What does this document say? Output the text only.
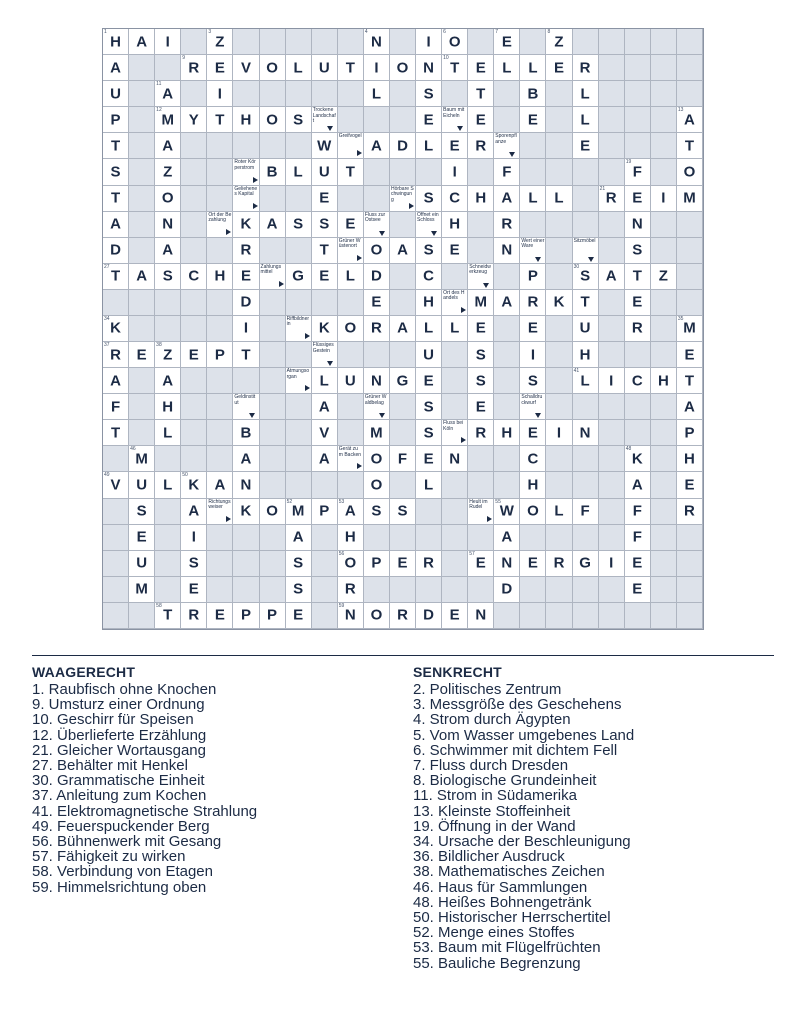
1
H	A	I
3
Z
4
N	I
6
O
7
E
8
Z
A
9
R	E	V	O	L	U	T	I	O N
10
T	E	L	L	E	R
U
11
A	I	L	S	T	B	L
P
12
M Y	T	H O	S
Trockene Landschaft	E
Baum mit Eicheln	E	E	L
13
A
T	A	W
Greifvogel
A	D	L	E	R
Sporenpflanze	E	T
S	Z
Roter Körperstrom B	L	U	T	I	F
19
F	O
T	O
Geliehenes Kapital	E
Hörbare Schwingung	S	C	H	A	L	L
21
R	E	I	M
A	N
Ort der Bezahlung K	A	S	S	E
Fluss zur Ostsee
Öffnet ein Schloss H	R	N
D	A	R	T
Grüner Wüstenort O A	S	E	N
Wert einer Ware
Sitzmöbel
S
27
T	A	S	C	H	E
Zahlungsmittel	G	E	L	D	C
Schneidwerkzeug	P
30
S	A	T	Z
D	E	H
Ort des Handels	M A	R	K	T	E
34
K	I
Riffbildnerin	K O R	A	L	L	E	E	U	R
35
M
37
R	E
38
Z	E	P	T
Flüssiges Gestein	U	S	I	H	E
A	A
Atmungsorgan	L	U	N G	E	S	S
41
L	I	C	H	T
F	H
Geldinstitut	A
Grüner Waldbelag	S	E
Schalldruckwurf	A
T	L	B	V	M	S
Fluss bei Köln	R	H	E	I	N	P
46
M	A	A
Gerät zum Backen O	F	E	N	C
48
K	H
49
V	U	L
50
K	A	N	O	L	H	A	E
S	A
Richtungsweiser	K O
52
M P
53
A	S	S
Heult im Rudel
55
W O	L	F	F	R
E	I	A	H	A	F
U	S	S
56
O	P	E	R
57
E	N	E	R G	I	E
M	E	S	R	D	E
58
T	R	E	P	P	E
59
N O R	D	E	N
WAAGERECHT
1. Raubfisch ohne Knochen
9. Umsturz einer Ordnung
10. Geschirr für Speisen
12. Überlieferte Erzählung
21. Gleicher Wortausgang
27. Behälter mit Henkel
30. Grammatische Einheit
37. Anleitung zum Kochen
41. Elektromagnetische Strahlung
49. Feuerspuckender Berg
56. Bühnenwerk mit Gesang
57. Fähigkeit zu wirken
58. Verbindung von Etagen
59. Himmelsrichtung oben
SENKRECHT
2. Politisches Zentrum
3. Messgröße des Geschehens
4. Strom durch Ägypten
5. Vom Wasser umgebenes Land
6. Schwimmer mit dichtem Fell
7. Fluss durch Dresden
8. Biologische Grundeinheit
11. Strom in Südamerika
13. Kleinste Stoffeinheit
19. Öffnung in der Wand
34. Ursache der Beschleunigung
36. Bildlicher Ausdruck
38. Mathematisches Zeichen
46. Haus für Sammlungen
48. Heißes Bohnengetränk
50. Historischer Herrschertitel
52. Menge eines Stoffes
53. Baum mit Flügelfrüchten
55. Bauliche Begrenzung
